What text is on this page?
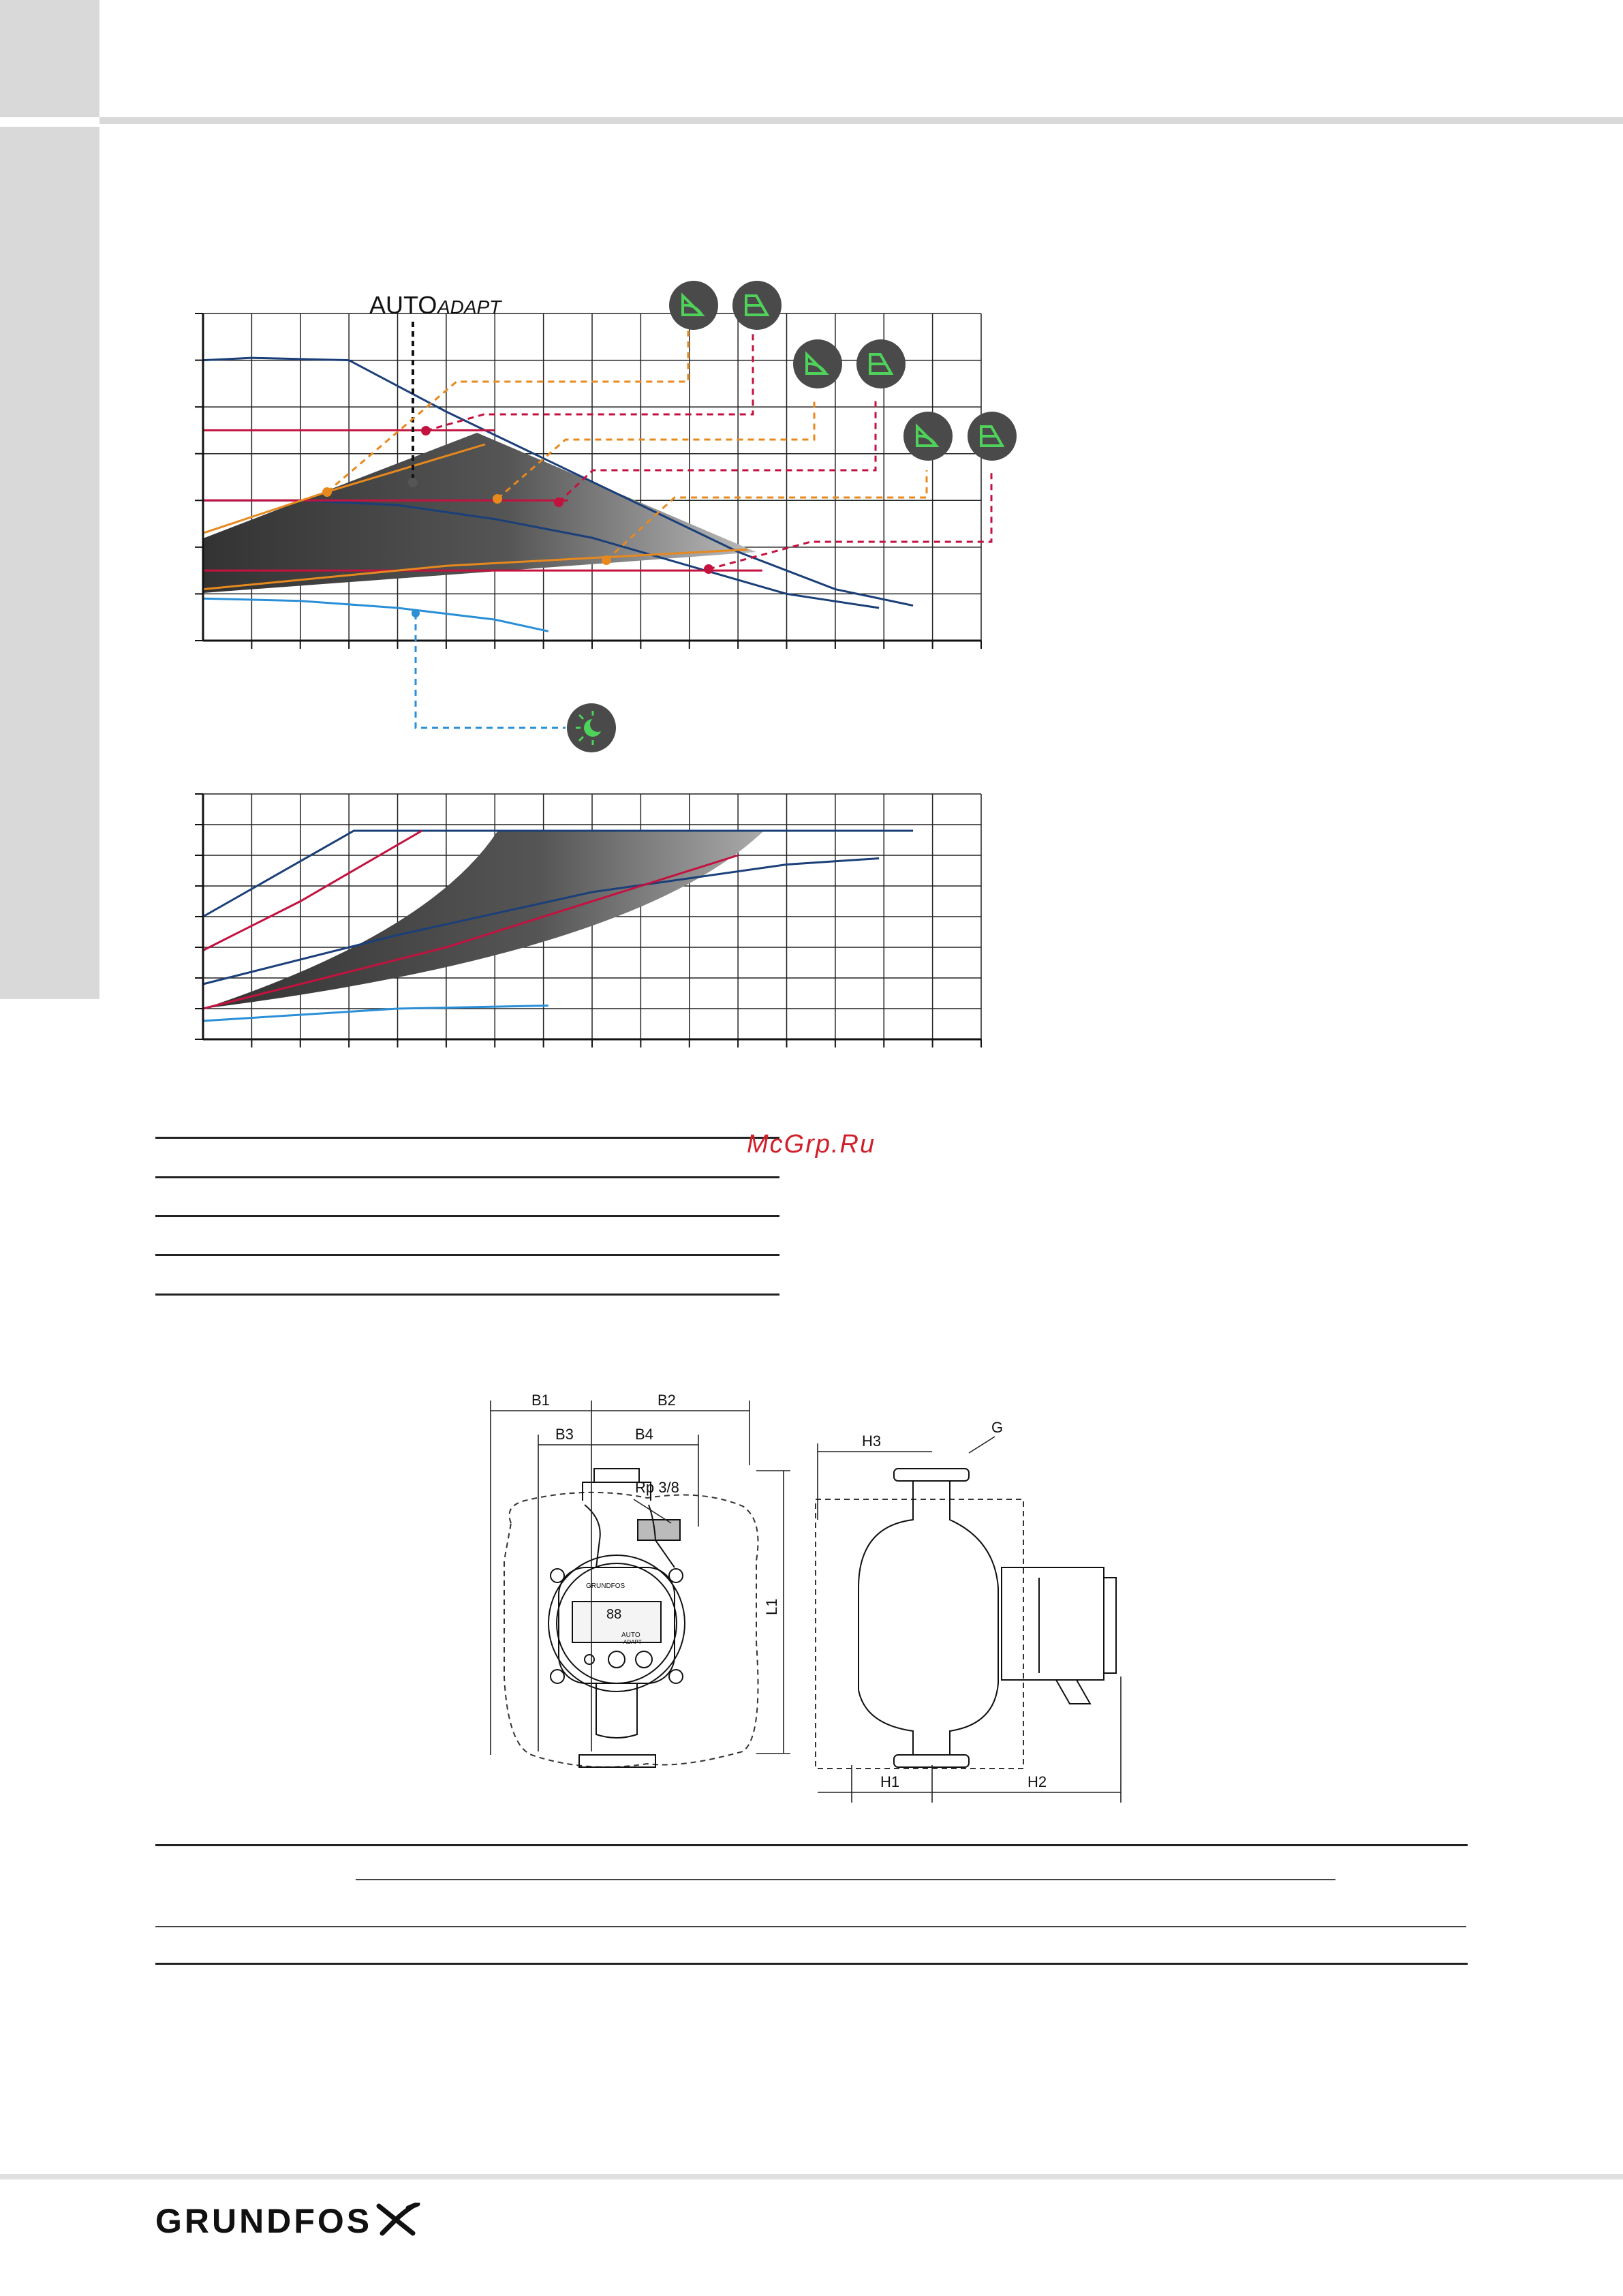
AUTO ADAPT
McGrp.Ru
B1	B2
B3	B4
Rp 3/8
L1
H3
G
H1	H2
GRUNDFOS
88
AUTO
ADAPT
GRUNDFOS
